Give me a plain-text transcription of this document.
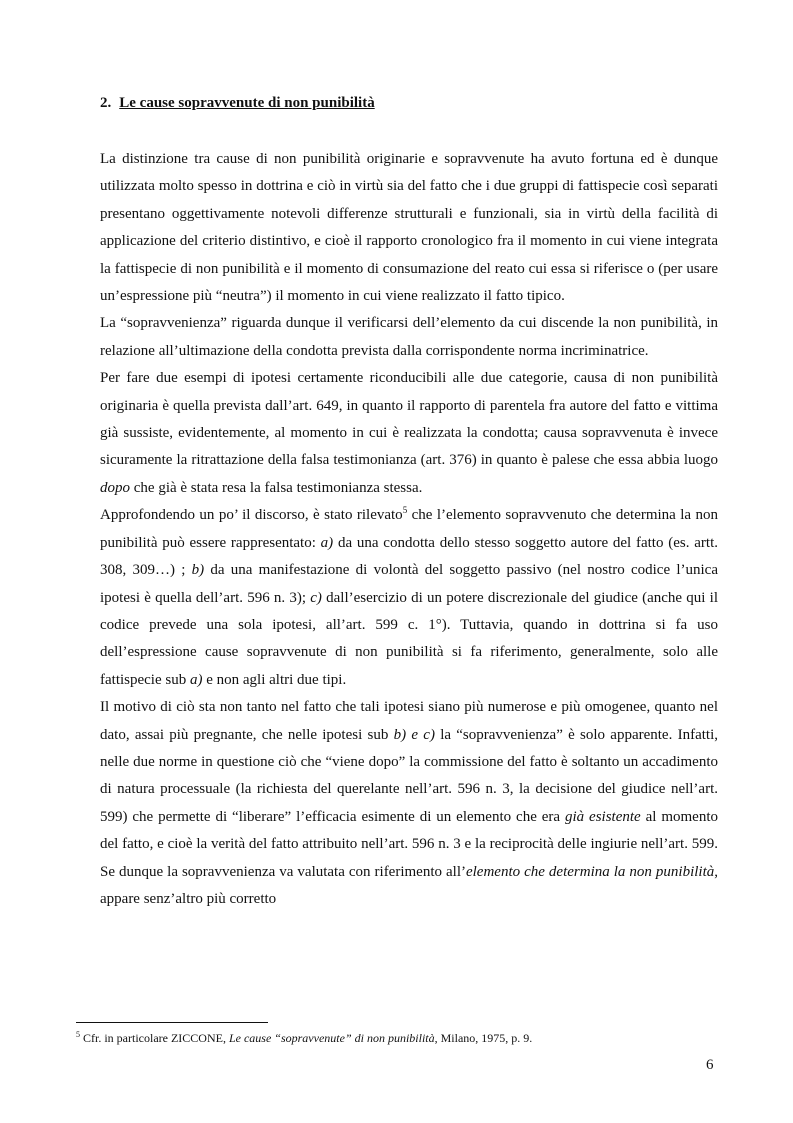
2. Le cause sopravvenute di non punibilità

La distinzione tra cause di non punibilità originarie e sopravvenute ha avuto fortuna ed è dunque utilizzata molto spesso in dottrina e ciò in virtù sia del fatto che i due gruppi di fattispecie così separati presentano oggettivamente notevoli differenze strutturali e funzionali, sia in virtù della facilità di applicazione del criterio distintivo, e cioè il rapporto cronologico fra il momento in cui viene integrata la fattispecie di non punibilità e il momento di consumazione del reato cui essa si riferisce o (per usare un’espressione più “neutra”) il momento in cui viene realizzato il fatto tipico.

La “sopravvenienza” riguarda dunque il verificarsi dell’elemento da cui discende la non punibilità, in relazione all’ultimazione della condotta prevista dalla corrispondente norma incriminatrice.

Per fare due esempi di ipotesi certamente riconducibili alle due categorie, causa di non punibilità originaria è quella prevista dall’art. 649, in quanto il rapporto di parentela fra autore del fatto e vittima già sussiste, evidentemente, al momento in cui è realizzata la condotta; causa sopravvenuta è invece sicuramente la ritrattazione della falsa testimonianza (art. 376) in quanto è palese che essa abbia luogo dopo che già è stata resa la falsa testimonianza stessa.

Approfondendo un po’ il discorso, è stato rilevato$^5$ che l’elemento sopravvenuto che determina la non punibilità può essere rappresentato: a) da una condotta dello stesso soggetto autore del fatto (es. artt. 308, 309…) ; b) da una manifestazione di volontà del soggetto passivo (nel nostro codice l’unica ipotesi è quella dell’art. 596 n. 3); c) dall’esercizio di un potere discrezionale del giudice (anche qui il codice prevede una sola ipotesi, all’art. 599 c. 1°). Tuttavia, quando in dottrina si fa uso dell’espressione cause sopravvenute di non punibilità si fa riferimento, generalmente, solo alle fattispecie sub a) e non agli altri due tipi.

Il motivo di ciò sta non tanto nel fatto che tali ipotesi siano più numerose e più omogenee, quanto nel dato, assai più pregnante, che nelle ipotesi sub b) e c) la “sopravvenienza” è solo apparente. Infatti, nelle due norme in questione ciò che “viene dopo” la commissione del fatto è soltanto un accadimento di natura processuale (la richiesta del querelante nell’art. 596 n. 3, la decisione del giudice nell’art. 599) che permette di “liberare” l’efficacia esimente di un elemento che era già esistente al momento del fatto, e cioè la verità del fatto attribuito nell’art. 596 n. 3 e la reciprocità delle ingiurie nell’art. 599. Se dunque la sopravvenienza va valutata con riferimento all’elemento che determina la non punibilità, appare senz’altro più corretto

$^5$ Cfr. in particolare ZICCONE, Le cause “sopravvenute” di non punibilità, Milano, 1975, p. 9.
6
